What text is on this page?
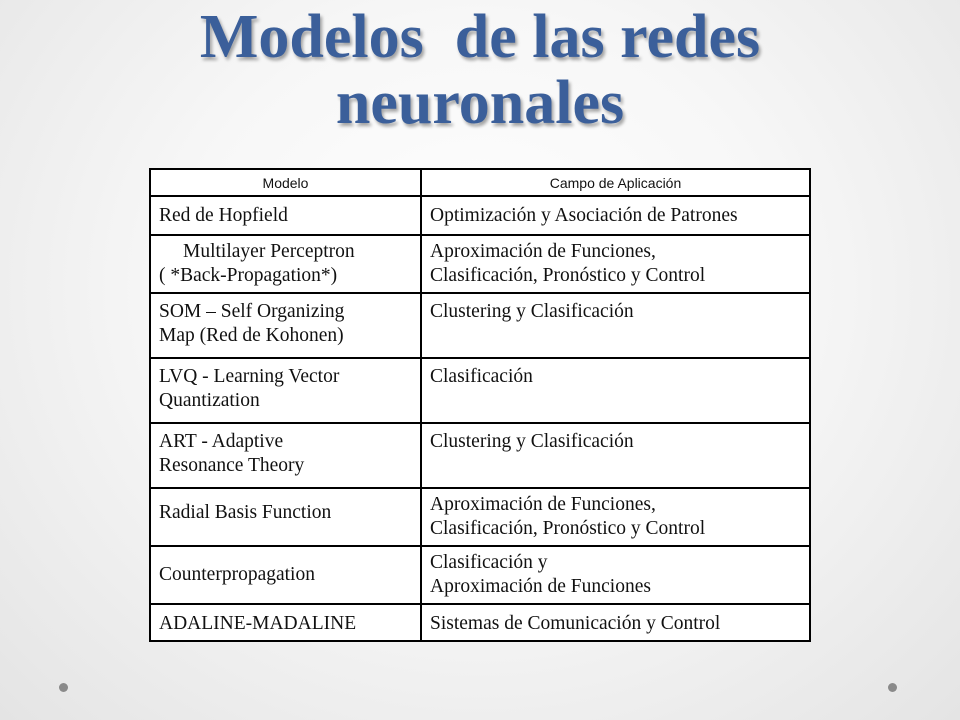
Modelos  de las redes
neuronales
Modelo	Campo de Aplicación

Red de Hopfield	Optimización y Asociación de Patrones

Multilayer Perceptron
( *Back-Propagation*)	Aproximación de Funciones,
Clasificación, Pronóstico y Control

SOM – Self Organizing
Map (Red de Kohonen)	Clustering y Clasificación

LVQ - Learning Vector
Quantization	Clasificación

ART - Adaptive
Resonance Theory	Clustering y Clasificación

Radial Basis Function	Aproximación de Funciones,
Clasificación, Pronóstico y Control

Counterpropagation	Clasificación y
Aproximación de Funciones

ADALINE-MADALINE	Sistemas de Comunicación y Control
